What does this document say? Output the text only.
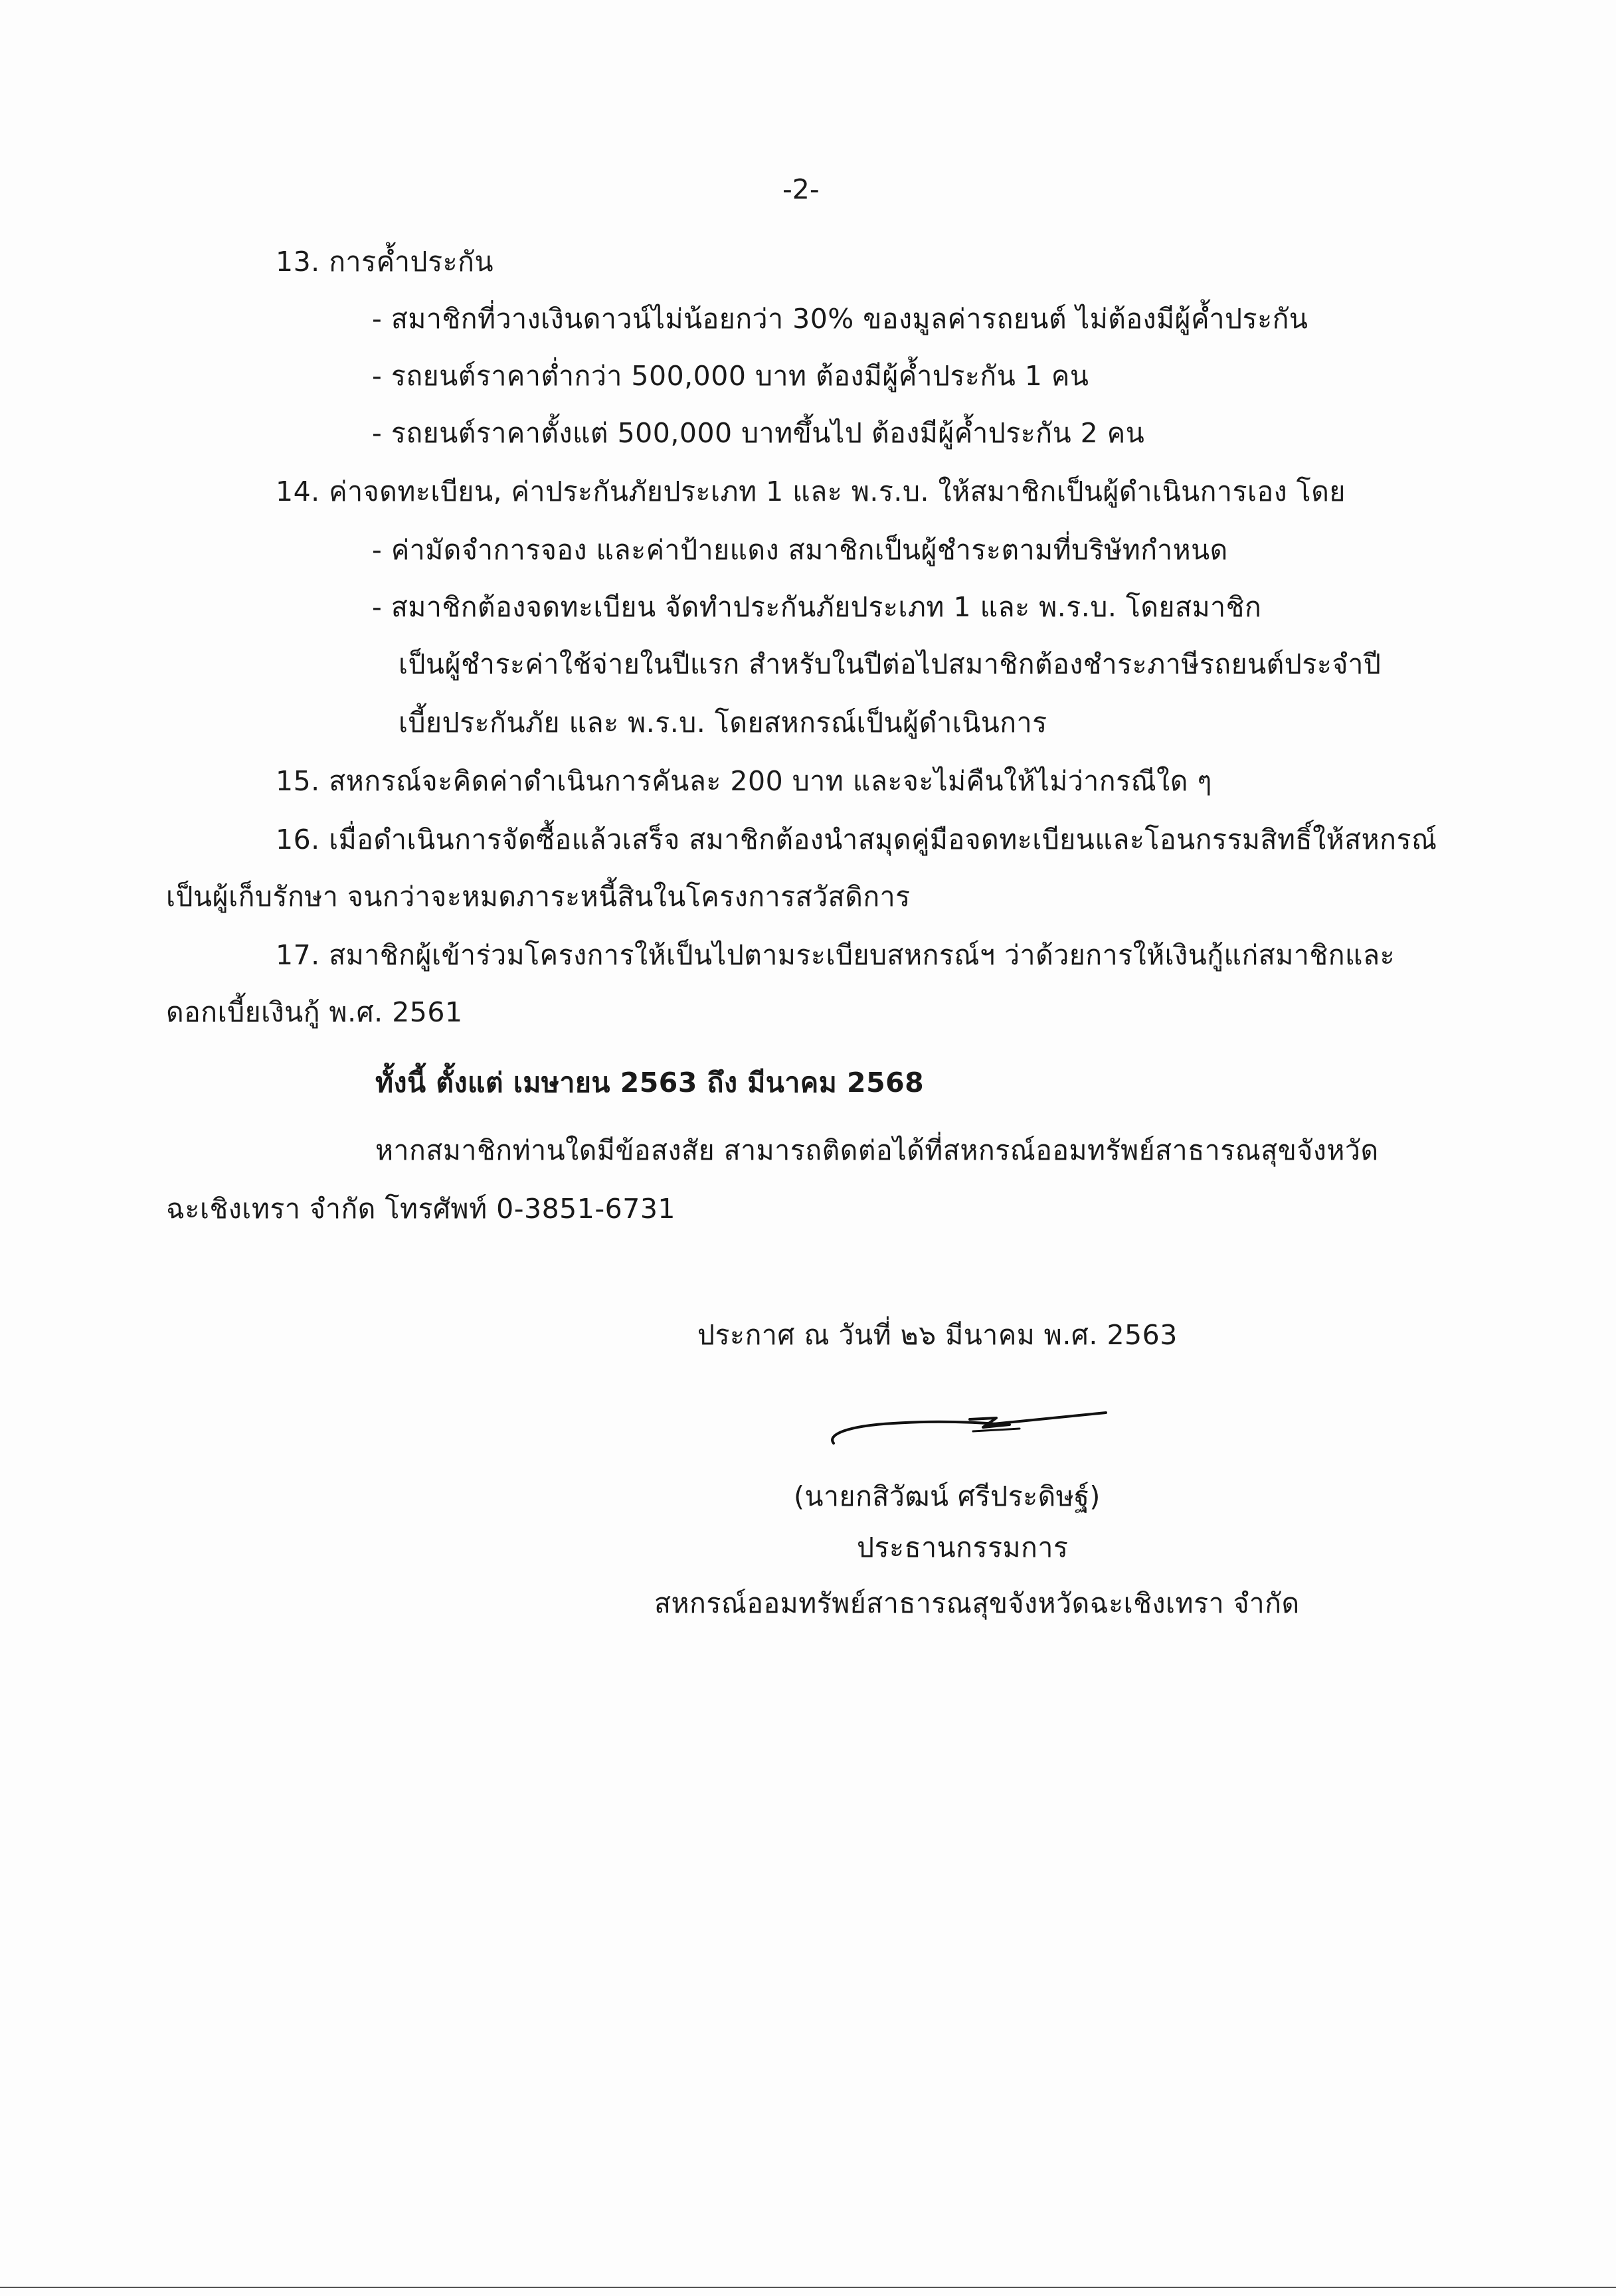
-2-
13. การค้ำประกัน
- สมาชิกที่วางเงินดาวน์ไม่น้อยกว่า 30% ของมูลค่ารถยนต์ ไม่ต้องมีผู้ค้ำประกัน
- รถยนต์ราคาต่ำกว่า 500,000 บาท ต้องมีผู้ค้ำประกัน 1 คน
- รถยนต์ราคาตั้งแต่ 500,000 บาทขึ้นไป ต้องมีผู้ค้ำประกัน 2 คน
14. ค่าจดทะเบียน, ค่าประกันภัยประเภท 1 และ พ.ร.บ. ให้สมาชิกเป็นผู้ดำเนินการเอง โดย
- ค่ามัดจำการจอง และค่าป้ายแดง สมาชิกเป็นผู้ชำระตามที่บริษัทกำหนด
- สมาชิกต้องจดทะเบียน จัดทำประกันภัยประเภท 1 และ พ.ร.บ. โดยสมาชิก
เป็นผู้ชำระค่าใช้จ่ายในปีแรก สำหรับในปีต่อไปสมาชิกต้องชำระภาษีรถยนต์ประจำปี
เบี้ยประกันภัย และ พ.ร.บ. โดยสหกรณ์เป็นผู้ดำเนินการ
15. สหกรณ์จะคิดค่าดำเนินการคันละ 200 บาท และจะไม่คืนให้ไม่ว่ากรณีใด ๆ
16. เมื่อดำเนินการจัดซื้อแล้วเสร็จ สมาชิกต้องนำสมุดคู่มือจดทะเบียนและโอนกรรมสิทธิ์ให้สหกรณ์
เป็นผู้เก็บรักษา จนกว่าจะหมดภาระหนี้สินในโครงการสวัสดิการ
17. สมาชิกผู้เข้าร่วมโครงการให้เป็นไปตามระเบียบสหกรณ์ฯ ว่าด้วยการให้เงินกู้แก่สมาชิกและ
ดอกเบี้ยเงินกู้ พ.ศ. 2561
ทั้งนี้ ตั้งแต่ เมษายน 2563 ถึง มีนาคม 2568
หากสมาชิกท่านใดมีข้อสงสัย สามารถติดต่อได้ที่สหกรณ์ออมทรัพย์สาธารณสุขจังหวัด
ฉะเชิงเทรา จำกัด โทรศัพท์ 0-3851-6731
ประกาศ ณ วันที่ ๒๖ มีนาคม พ.ศ. 2563
(นายกสิวัฒน์ ศรีประดิษฐ์)
ประธานกรรมการ
สหกรณ์ออมทรัพย์สาธารณสุขจังหวัดฉะเชิงเทรา จำกัด
